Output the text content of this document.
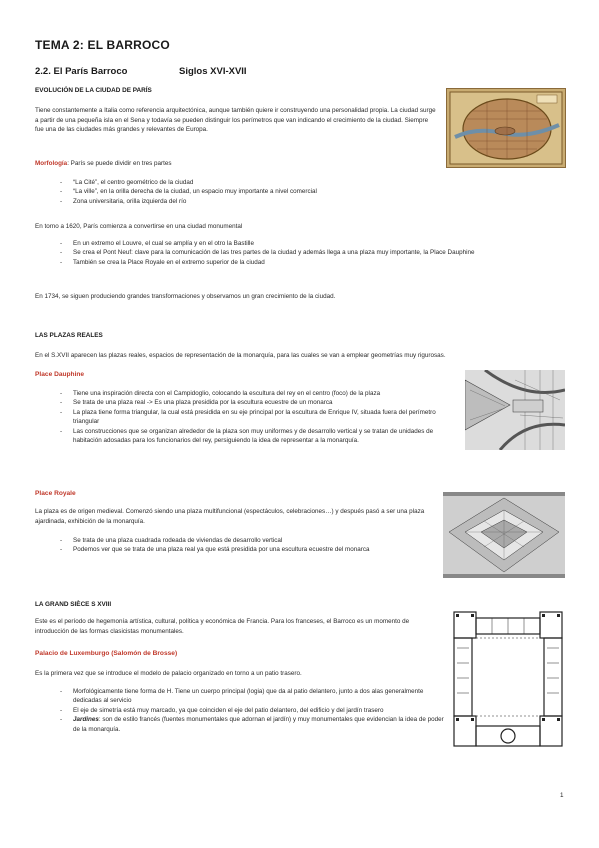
TEMA 2: EL BARROCO
2.2. El París Barroco	Siglos XVI-XVII
EVOLUCIÓN DE LA CIUDAD DE PARÍS
Tiene constantemente a Italia como referencia arquitectónica, aunque también quiere ir construyendo una personalidad propia. La ciudad surge a partir de una pequeña isla en el Sena y todavía se pueden distinguir los perímetros que van indicando el crecimiento de la ciudad. Siempre fue una de las ciudades más grandes y relevantes de Europa.
Morfología: París se puede dividir en tres partes
- “La Cité”, el centro geométrico de la ciudad
- “La ville”, en la orilla derecha de la ciudad, un espacio muy importante a nivel comercial
- Zona universitaria, orilla izquierda del río
En torno a 1620, París comienza a convertirse en una ciudad monumental
- En un extremo el Louvre, el cual se amplía y en el otro la Bastille
- Se crea el Pont Neuf: clave para la comunicación de las tres partes de la ciudad y además llega a una plaza muy importante, la Place Dauphine
- También se crea la Place Royale en el extremo superior de la ciudad
En 1734, se siguen produciendo grandes transformaciones y observamos un gran crecimiento de la ciudad.
LAS PLAZAS REALES
En el S.XVII aparecen las plazas reales, espacios de representación de la monarquía, para las cuales se van a emplear geometrías muy rigurosas.
Place Dauphine
- Tiene una inspiración directa con el Campidoglio, colocando la escultura del rey en el centro (foco) de la plaza
- Se trata de una plaza real -> Es una plaza presidida por la escultura ecuestre de un monarca
- La plaza tiene forma triangular, la cual está presidida en su eje principal por la escultura de Enrique IV, situada fuera del perímetro triangular
- Las construcciones que se organizan alrededor de la plaza son muy uniformes y de desarrollo vertical y se tratan de unidades de habitación adosadas para los funcionarios del rey, persiguiendo la idea de representar a la monarquía.
Place Royale
La plaza es de origen medieval. Comenzó siendo una plaza multifuncional (espectáculos, celebraciones…) y después pasó a ser una plaza ajardinada, exhibición de la monarquía.
- Se trata de una plaza cuadrada rodeada de viviendas de desarrollo vertical
- Podemos ver que se trata de una plaza real ya que está presidida por una escultura ecuestre del monarca
LA GRAND SIÈCE S XVIII
Este es el período de hegemonía artística, cultural, política y económica de Francia. Para los franceses, el Barroco es un momento de introducción de las formas clasicistas monumentales.
Palacio de Luxemburgo (Salomón de Brosse)
Es la primera vez que se introduce el modelo de palacio organizado en torno a un patio trasero.
- Morfológicamente tiene forma de H. Tiene un cuerpo principal (logia) que da al patio delantero, junto a dos alas generalmente dedicadas al servicio
- El eje de simetría está muy marcado, ya que coinciden el eje del patio delantero, del edificio y del jardín trasero
- Jardines: son de estilo francés (fuentes monumentales que adornan el jardín) y muy monumentales que evidencian la idea de poder de la monarquía.
1
